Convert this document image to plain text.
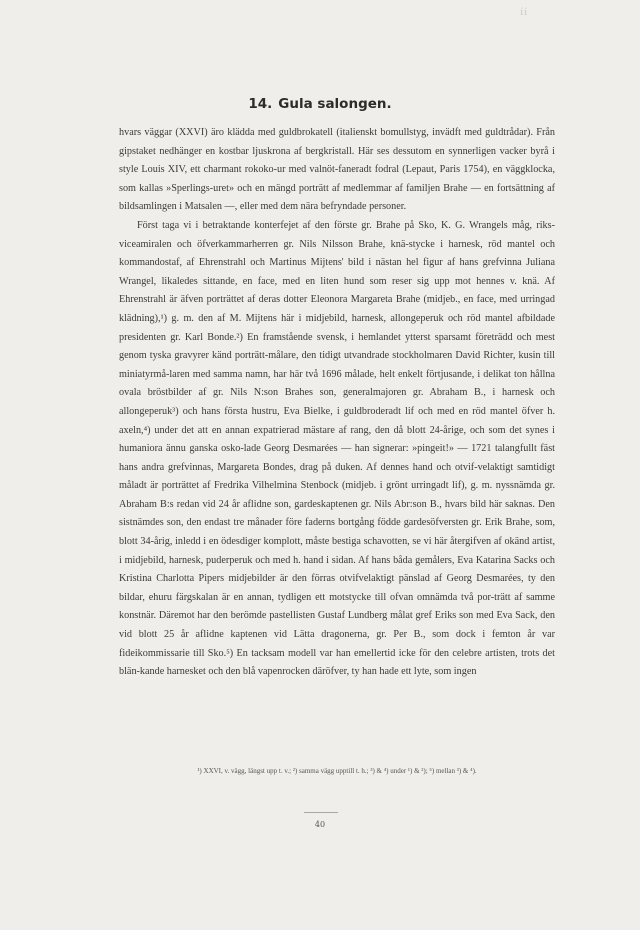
íí
14. Gula salongen.

hvars väggar (XXVI) äro klädda med guldbrokatell (italienskt bomullstyg, invädft med guldtrådar). Från gipstaket nedhänger en kostbar ljuskrona af bergkristall. Här ses dessutom en synnerligen vacker byrå i style Louis XIV, ett charmant rokoko-ur med valnöt-faneradt fodral (Lepaut, Paris 1754), en väggklocka, som kallas »Sperlings-uret» och en mängd porträtt af medlemmar af familjen Brahe — en fortsättning af bildsamlingen i Matsalen —, eller med dem nära befryndade personer.

Först taga vi i betraktande konterfejet af den förste gr. Brahe på Sko, K. G. Wrangels måg, riks-viceamiralen och öfverkammarherren gr. Nils Nilsson Brahe, knä-stycke i harnesk, röd mantel och kommandostaf, af Ehrenstrahl och Martinus Mijtens' bild i nästan hel figur af hans grefvinna Juliana Wrangel, likaledes sittande, en face, med en liten hund som reser sig upp mot hennes v. knä. Af Ehrenstrahl är äfven porträttet af deras dotter Eleonora Margareta Brahe (midjeb., en face, med urringad klädning),¹) g. m. den af M. Mijtens här i midjebild, harnesk, allongeperuk och röd mantel afbildade presidenten gr. Karl Bonde.²) En framstående svensk, i hemlandet ytterst sparsamt företrädd och mest genom tyska gravyrer känd porträtt-målare, den tidigt utvandrade stockholmaren David Richter, kusin till miniatyrmå-laren med samma namn, har här två 1696 målade, helt enkelt förtjusande, i delikat ton hållna ovala bröstbilder af gr. Nils N:son Brahes son, generalmajoren gr. Abraham B., i harnesk och allongeperuk³) och hans första hustru, Eva Bielke, i guldbroderadt lif och med en röd mantel öfver h. axeln,⁴) under det att en annan expatrierad mästare af rang, den då blott 24-årige, och som det synes i humaniora ännu ganska osko-lade Georg Desmarées — han signerar: »pingeit!» — 1721 talangfullt fäst hans andra grefvinnas, Margareta Bondes, drag på duken. Af dennes hand och otvif-velaktigt samtidigt måladt är porträttet af Fredrika Vilhelmina Stenbock (midjeb. i grönt urringadt lif), g. m. nyssnämda gr. Abraham B:s redan vid 24 år aflidne son, gardeskaptenen gr. Nils Abr:son B., hvars bild här saknas. Den sistnämdes son, den endast tre månader före faderns bortgång födde gardesöfversten gr. Erik Brahe, som, blott 34-årig, inledd i en ödesdiger komplott, måste bestiga schavotten, se vi här återgifven af okänd artist, i midjebild, harnesk, puderperuk och med h. hand i sidan. Af hans båda gemålers, Eva Katarina Sacks och Kristina Charlotta Pipers midjebilder är den förras otvifvelaktigt pänslad af Georg Desmarées, ty den bildar, ehuru färgskalan är en annan, tydligen ett motstycke till ofvan omnämda två por-trätt af samme konstnär. Däremot har den berömde pastellisten Gustaf Lundberg målat gref Eriks son med Eva Sack, den vid blott 25 år aflidne kaptenen vid Lätta dragonerna, gr. Per B., som dock i femton år var fideikommissarie till Sko.⁵) En tacksam modell var han emellertid icke för den celebre artisten, trots det blän-kande harnesket och den blå vapenrocken däröfver, ty han hade ett lyte, som ingen

¹) XXVI, v. vägg, längst upp t. v.; ²) samma vägg upptill t. h.; ³) & ⁴) under ¹) & ²); ⁵) mellan ³) & ⁴).
40
